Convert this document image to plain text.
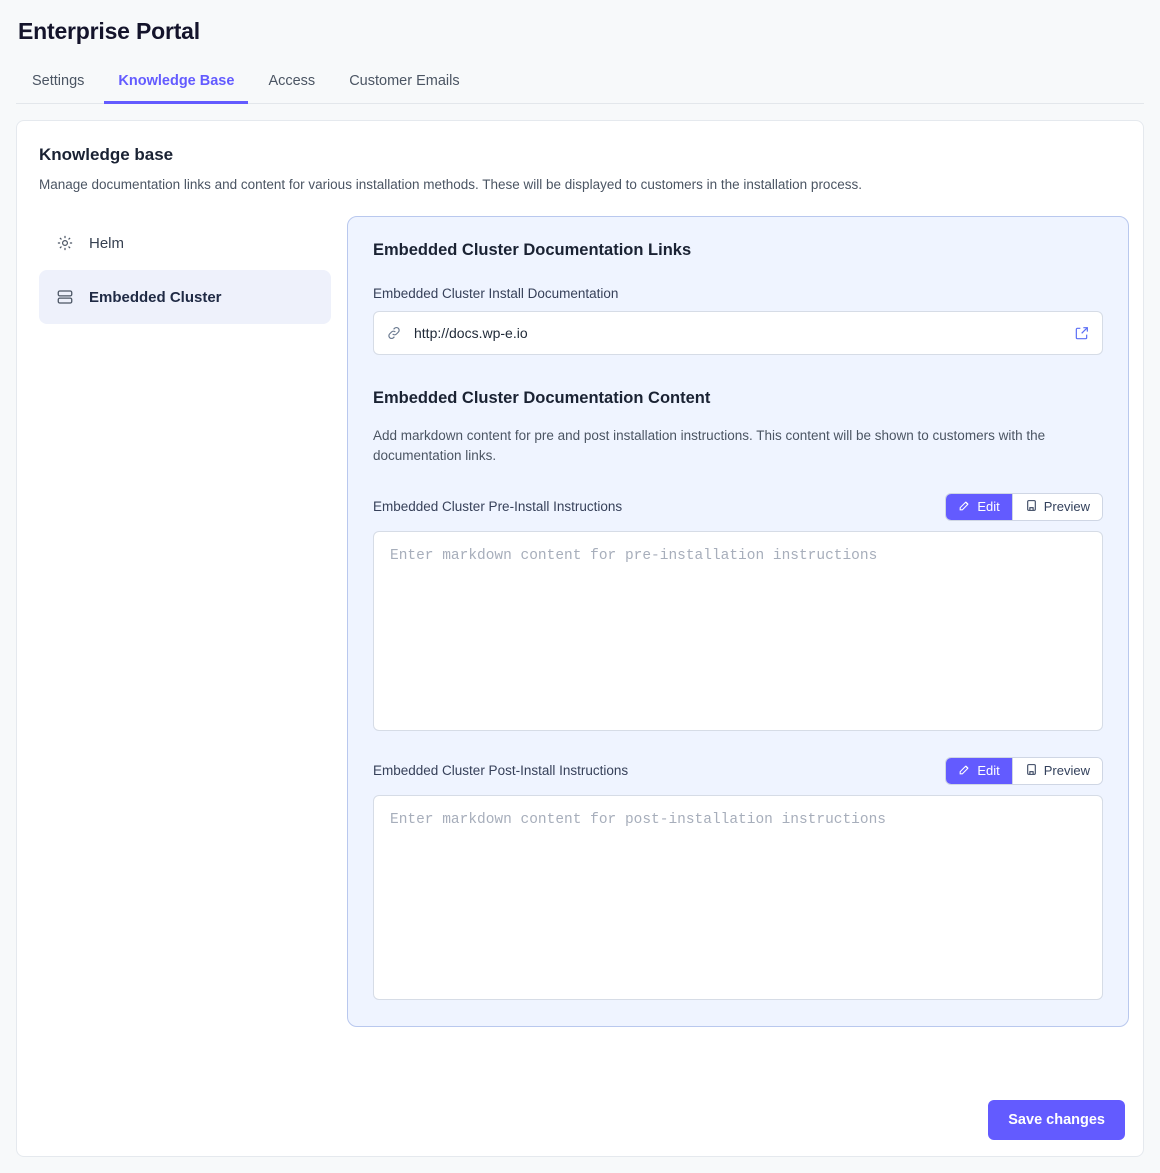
Enterprise Portal
Settings	Knowledge Base	Access	Customer Emails
Knowledge base
Manage documentation links and content for various installation methods. These will be displayed to customers in the installation process.
Helm
Embedded Cluster
Embedded Cluster Documentation Links
Embedded Cluster Install Documentation
http://docs.wp-e.io
Embedded Cluster Documentation Content
Add markdown content for pre and post installation instructions. This content will be shown to customers with the documentation links.
Embedded Cluster Pre-Install Instructions	Edit	Preview
Enter markdown content for pre-installation instructions
Embedded Cluster Post-Install Instructions	Edit	Preview
Enter markdown content for post-installation instructions
Save changes
